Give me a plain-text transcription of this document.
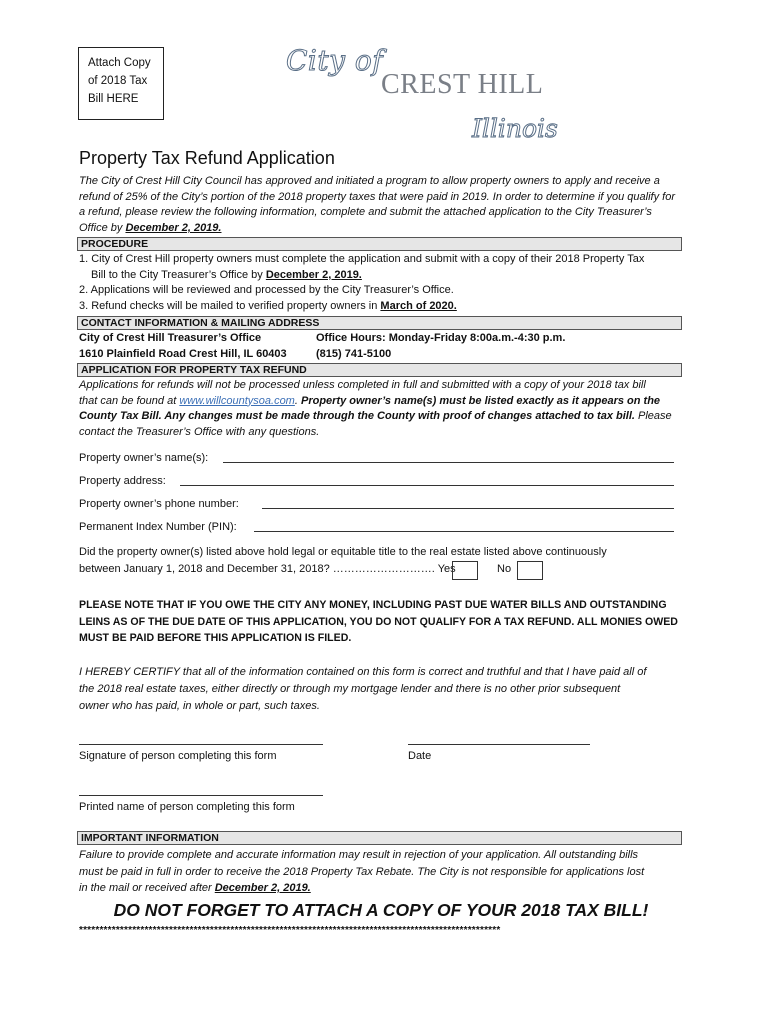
Attach Copy
of 2018 Tax
Bill HERE
City of
CREST HILL
Illinois
Property Tax Refund Application
The City of Crest Hill City Council has approved and initiated a program to allow property owners to apply and receive a refund of 25% of the City’s portion of the 2018 property taxes that were paid in 2019. In order to determine if you qualify for a refund, please review the following information, complete and submit the attached application to the City Treasurer’s Office by December 2, 2019.
PROCEDURE
1. City of Crest Hill property owners must complete the application and submit with a copy of their 2018 Property Tax
Bill to the City Treasurer’s Office by December 2, 2019.
2. Applications will be reviewed and processed by the City Treasurer’s Office.
3. Refund checks will be mailed to verified property owners in March of 2020.
CONTACT INFORMATION & MAILING ADDRESS
City of Crest Hill Treasurer’s Office
1610 Plainfield Road Crest Hill, IL 60403
Office Hours: Monday-Friday 8:00a.m.-4:30 p.m.
(815) 741-5100
APPLICATION FOR PROPERTY TAX REFUND
Applications for refunds will not be processed unless completed in full and submitted with a copy of your 2018 tax bill
that can be found at www.willcountysoa.com. Property owner’s name(s) must be listed exactly as it appears on the
County Tax Bill. Any changes must be made through the County with proof of changes attached to tax bill. Please
contact the Treasurer’s Office with any questions.
Property owner’s name(s):
Property address:
Property owner’s phone number:
Permanent Index Number (PIN):
Did the property owner(s) listed above hold legal or equitable title to the real estate listed above continuously
between January 1, 2018 and December 31, 2018? ………………………. Yes	No
PLEASE NOTE THAT IF YOU OWE THE CITY ANY MONEY, INCLUDING PAST DUE WATER BILLS AND OUTSTANDING
LEINS AS OF THE DUE DATE OF THIS APPLICATION, YOU DO NOT QUALIFY FOR A TAX REFUND. ALL MONIES OWED
MUST BE PAID BEFORE THIS APPLICATION IS FILED.
I HEREBY CERTIFY that all of the information contained on this form is correct and truthful and that I have paid all of
the 2018 real estate taxes, either directly or through my mortgage lender and there is no other prior subsequent
owner who has paid, in whole or part, such taxes.
Signature of person completing this form	Date
Printed name of person completing this form
IMPORTANT INFORMATION
Failure to provide complete and accurate information may result in rejection of your application. All outstanding bills
must be paid in full in order to receive the 2018 Property Tax Rebate. The City is not responsible for applications lost
in the mail or received after December 2, 2019.
DO NOT FORGET TO ATTACH A COPY OF YOUR 2018 TAX BILL!
*******************************************************************************************************
